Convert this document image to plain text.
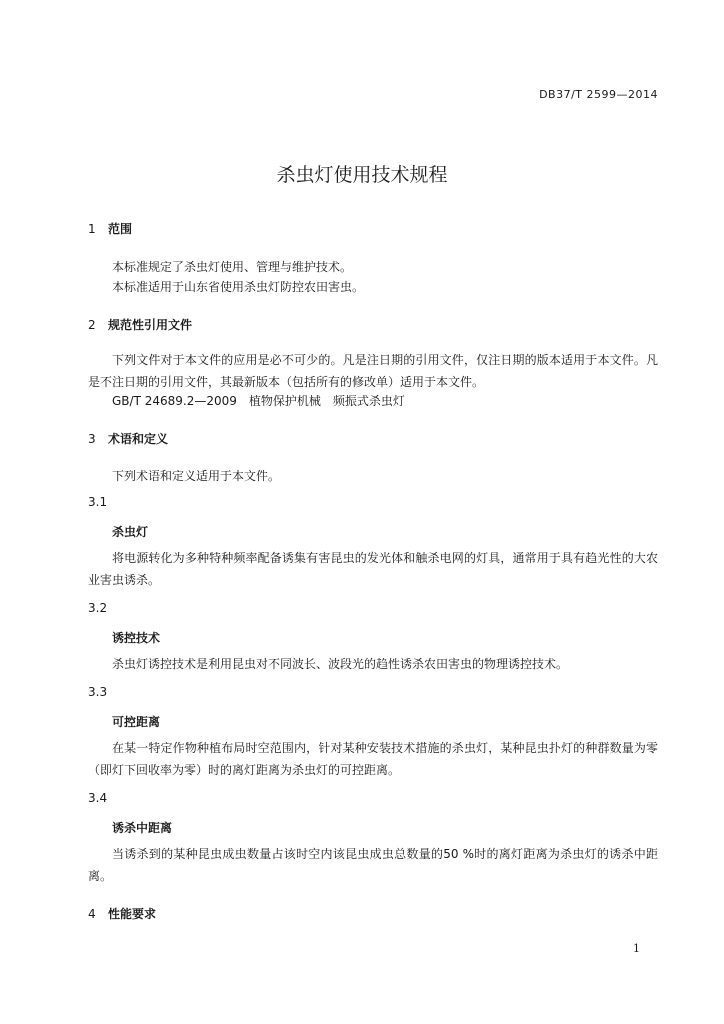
DB37/T 2599—2014
杀虫灯使用技术规程
1 范围
本标准规定了杀虫灯使用、管理与维护技术。
本标准适用于山东省使用杀虫灯防控农田害虫。
2 规范性引用文件
下列文件对于本文件的应用是必不可少的。凡是注日期的引用文件，仅注日期的版本适用于本文件。凡是不注日期的引用文件，其最新版本（包括所有的修改单）适用于本文件。
GB/T 24689.2—2009　植物保护机械　频振式杀虫灯
3 术语和定义
下列术语和定义适用于本文件。
3.1
杀虫灯
将电源转化为多种特种频率配备诱集有害昆虫的发光体和触杀电网的灯具，通常用于具有趋光性的大农业害虫诱杀。
3.2
诱控技术
杀虫灯诱控技术是利用昆虫对不同波长、波段光的趋性诱杀农田害虫的物理诱控技术。
3.3
可控距离
在某一特定作物种植布局时空范围内，针对某种安装技术措施的杀虫灯，某种昆虫扑灯的种群数量为零（即灯下回收率为零）时的离灯距离为杀虫灯的可控距离。
3.4
诱杀中距离
当诱杀到的某种昆虫成虫数量占该时空内该昆虫成虫总数量的50 %时的离灯距离为杀虫灯的诱杀中距离。
4 性能要求
1
